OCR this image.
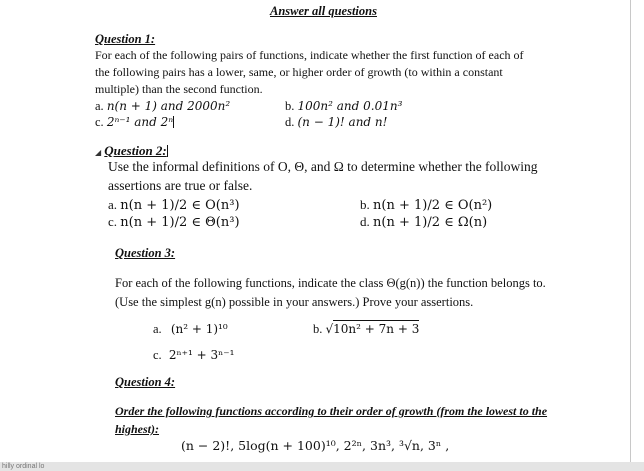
Answer all questions
Question 1:
For each of the following pairs of functions, indicate whether the first function of each of
the following pairs has a lower, same, or higher order of growth (to within a constant
multiple) than the second function.
a. n(n + 1) and 2000n²	b. 100n² and 0.01n³
c. 2ⁿ⁻¹ and 2ⁿ	d. (n − 1)! and n!
◢ Question 2:
Use the informal definitions of O, Θ, and Ω to determine whether the following
assertions are true or false.
a. n(n + 1)/2 ∈ O(n³)	b. n(n + 1)/2 ∈ O(n²)
c. n(n + 1)/2 ∈ Θ(n³)	d. n(n + 1)/2 ∈ Ω(n)
Question 3:
For each of the following functions, indicate the class Θ(g(n)) the function belongs to.
(Use the simplest g(n) possible in your answers.) Prove your assertions.
a. (n² + 1)¹⁰	b. √10n² + 7n + 3
c. 2ⁿ⁺¹ + 3ⁿ⁻¹
Question 4:
Order the following functions according to their order of growth (from the lowest to the
highest):
(n − 2)!, 5log(n + 100)¹⁰, 2²ⁿ, 3n³, ³√n, 3ⁿ ,
hilly ordinal lo
